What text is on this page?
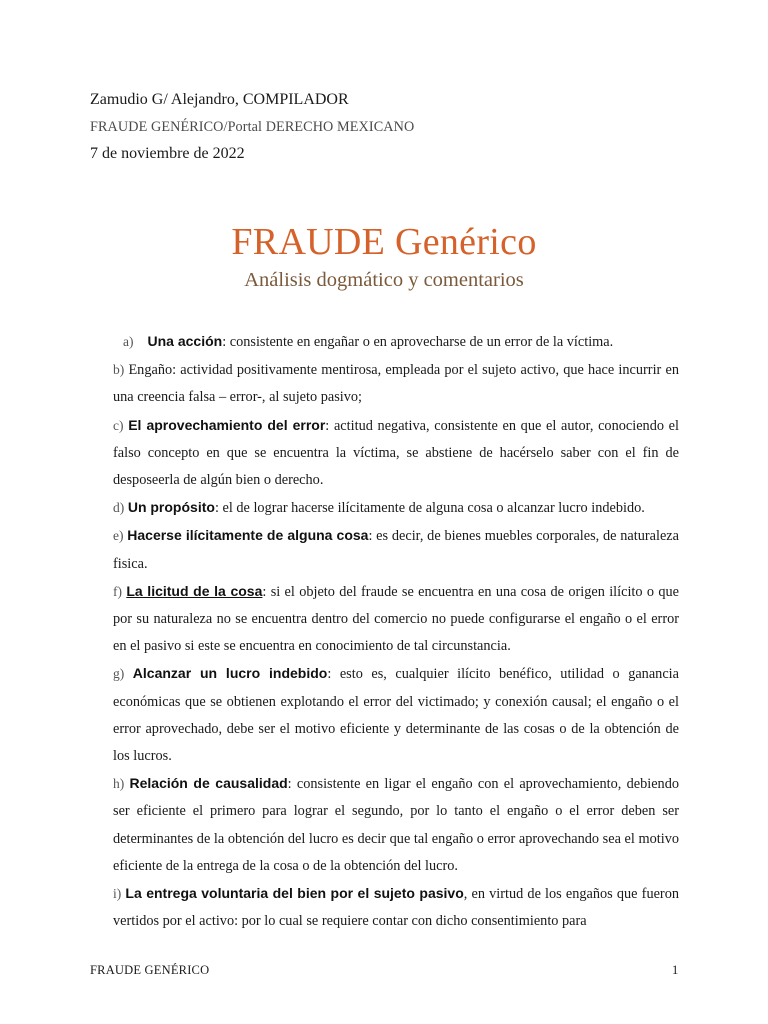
Zamudio G/ Alejandro, COMPILADOR
FRAUDE GENÉRICO/Portal DERECHO MEXICANO
7 de noviembre de 2022
FRAUDE Genérico
Análisis dogmático y comentarios

a) Una acción: consistente en engañar o en aprovecharse de un error de la víctima.

b) Engaño: actividad positivamente mentirosa, empleada por el sujeto activo, que hace incurrir en una creencia falsa – error-, al sujeto pasivo;

c) El aprovechamiento del error: actitud negativa, consistente en que el autor, conociendo el falso concepto en que se encuentra la víctima, se abstiene de hacérselo saber con el fin de desposeerla de algún bien o derecho.

d) Un propósito: el de lograr hacerse ilícitamente de alguna cosa o alcanzar lucro indebido.

e) Hacerse ilícitamente de alguna cosa: es decir, de bienes muebles corporales, de naturaleza fisica.

f) La licitud de la cosa: si el objeto del fraude se encuentra en una cosa de origen ilícito o que por su naturaleza no se encuentra dentro del comercio no puede configurarse el engaño o el error en el pasivo si este se encuentra en conocimiento de tal circunstancia.

g) Alcanzar un lucro indebido: esto es, cualquier ilícito benéfico, utilidad o ganancia económicas que se obtienen explotando el error del victimado; y conexión causal; el engaño o el error aprovechado, debe ser el motivo eficiente y determinante de las cosas o de la obtención de los lucros.

h) Relación de causalidad: consistente en ligar el engaño con el aprovechamiento, debiendo ser eficiente el primero para lograr el segundo, por lo tanto el engaño o el error deben ser determinantes de la obtención del lucro es decir que tal engaño o error aprovechando sea el motivo eficiente de la entrega de la cosa o de la obtención del lucro.

i) La entrega voluntaria del bien por el sujeto pasivo, en virtud de los engaños que fueron vertidos por el activo: por lo cual se requiere contar con dicho consentimiento para

FRAUDE GENÉRICO	1
